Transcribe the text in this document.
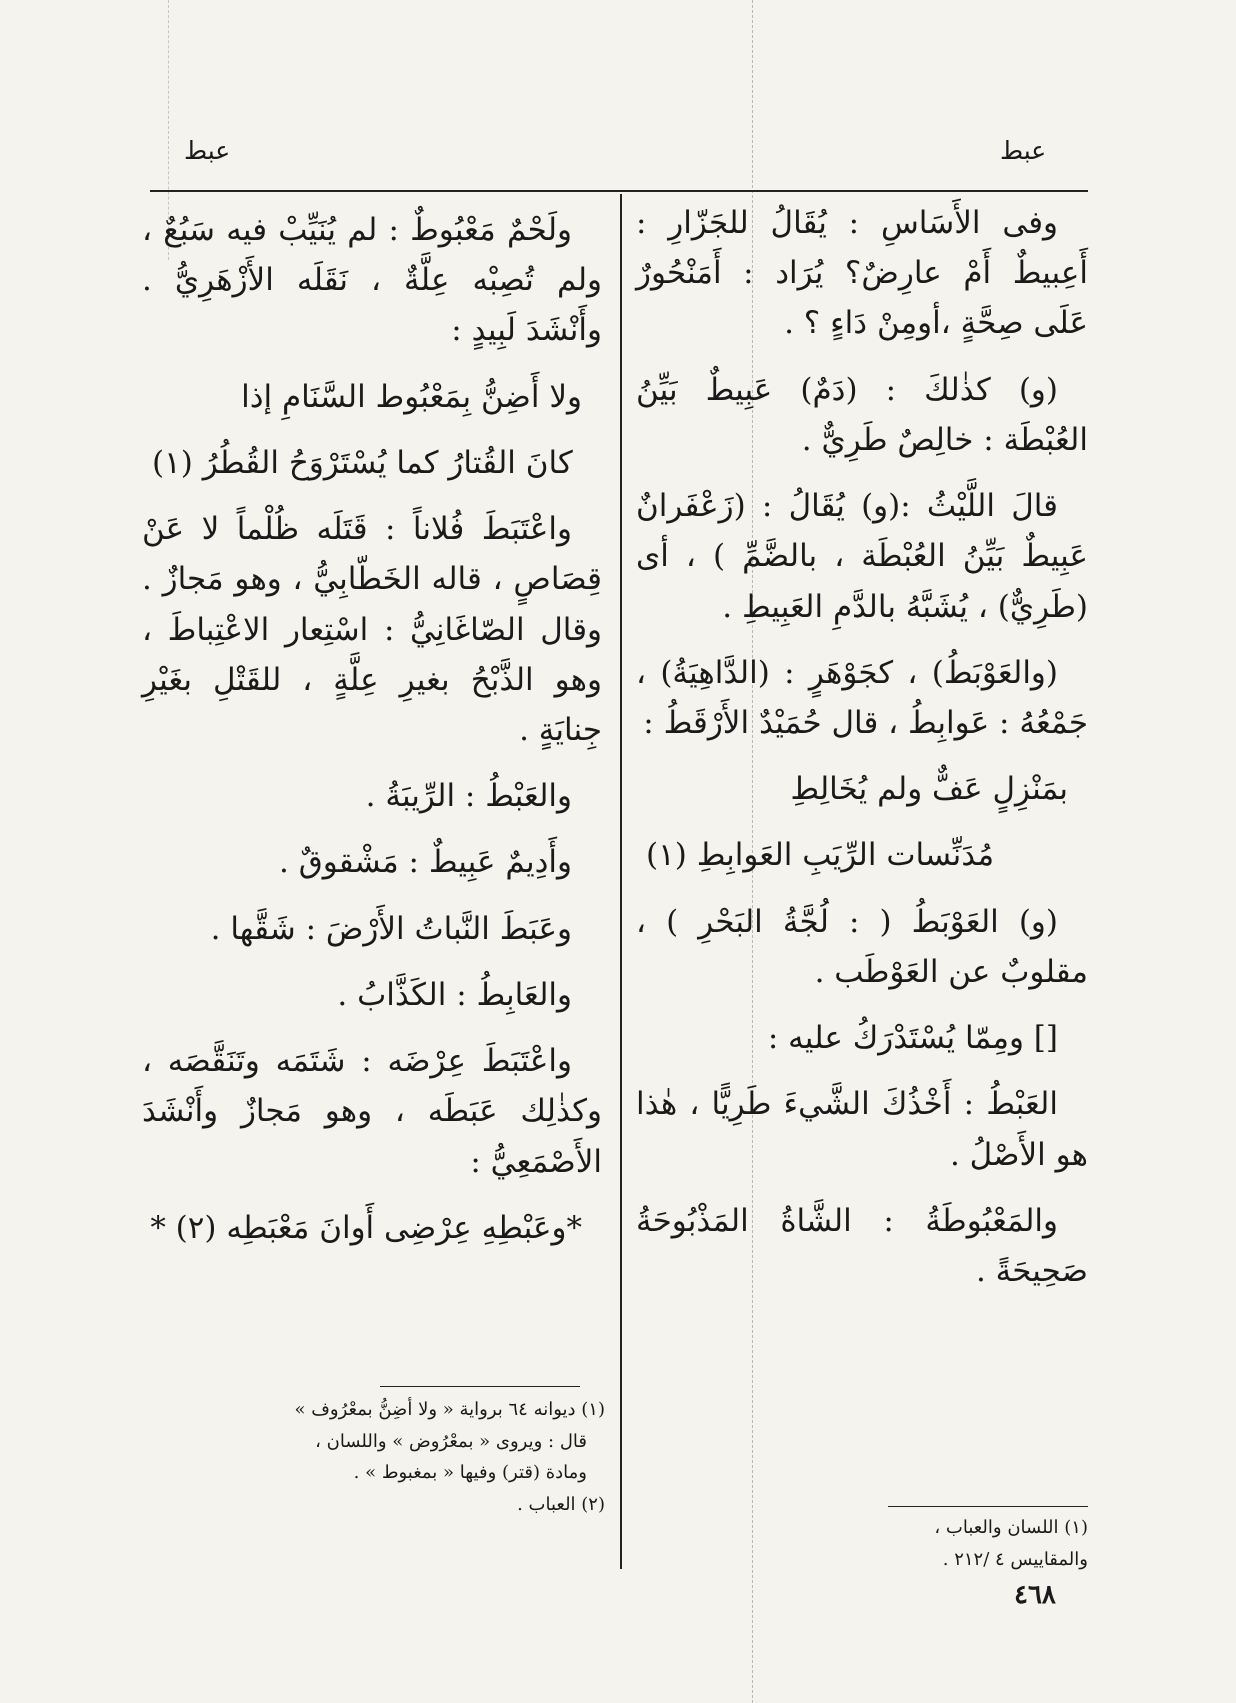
عبط	عبط

وفى الأَسَاسِ : يُقَالُ للجَزّارِ : أَعِبيطٌ أَمْ عارِضٌ؟ يُرَاد : أَمَنْحُورٌ عَلَى صِحَّةٍ ،أومِنْ دَاءٍ ؟ .

(و) كذٰلكَ : (دَمٌ) عَبِيطٌ بَيِّنُ العُبْطَة : خالِصٌ طَرِيٌّ .

قالَ اللَّيْثُ :(و) يُقَالُ : (زَعْفَرانٌ عَبِيطٌ بَيِّنُ العُبْطَة ، بالضَّمِّ ) ، أى (طَرِيٌّ) ، يُشَبَّهُ بالدَّمِ العَبِيطِ .

(والعَوْبَطُ) ، كجَوْهَرٍ : (الدَّاهِيَةُ) ، جَمْعُهُ : عَوابِطُ ، قال حُمَيْدٌ الأَرْقَطُ :

بمَنْزِلٍ عَفٌّ ولم يُخَالِطِ

مُدَنِّسات الرِّيَبِ العَوابِطِ (١)

(و) العَوْبَطُ ( : لُجَّةُ البَحْرِ ) ، مقلوبٌ عن العَوْطَب .

[] ومِمّا يُسْتَدْرَكُ عليه :

العَبْطُ : أَخْذُكَ الشَّيءَ طَرِيًّا ، هٰذا هو الأَصْلُ .

والمَعْبُوطَةُ : الشَّاةُ المَذْبُوحَةُ صَحِيحَةً .

ولَحْمٌ مَعْبُوطٌ : لم يُنَيِّبْ فيه سَبُعٌ ، ولم تُصِبْه عِلَّةٌ ، نَقَلَه الأَزْهَرِيُّ . وأَنْشَدَ لَبِيدٍ :

ولا أَضِنُّ بِمَعْبُوط السَّنَامِ إذا

كانَ القُتارُ كما يُسْتَرْوَحُ القُطُرُ (١)

واعْتَبَطَ فُلاناً : قَتَلَه ظُلْماً لا عَنْ قِصَاصٍ ، قاله الخَطّابِيُّ ، وهو مَجازٌ . وقال الصّاغَانِيُّ : اسْتِعار الاعْتِباطَ ، وهو الذَّبْحُ بغيرِ عِلَّةٍ ، للقَتْلِ بغَيْرِ جِنايَةٍ .

والعَبْطُ : الرِّيبَةُ .

وأَدِيمٌ عَبِيطٌ : مَشْقوقٌ .

وعَبَطَ النَّباتُ الأَرْضَ : شَقَّها .

والعَابِطُ : الكَذَّابُ .

واعْتَبَطَ عِرْضَه : شَتَمَه وتَنَقَّصَه ، وكذٰلِك عَبَطَه ، وهو مَجازٌ وأَنْشَدَ الأَصْمَعِيُّ :

*وعَبْطِهِ عِرْضِى أَوانَ مَعْبَطِه (٢) *

(١) اللسان والعباب ، والمقاييس ٤ /٢١٢ .
(١) ديوانه ٦٤ برواية « ولا أضِنُّ بمعْرُوف »
قال : ويروى « بمعْرُوض » واللسان ،
ومادة (قتر) وفيها « بمغبوط » .
(٢) العباب .
٤٦٨
